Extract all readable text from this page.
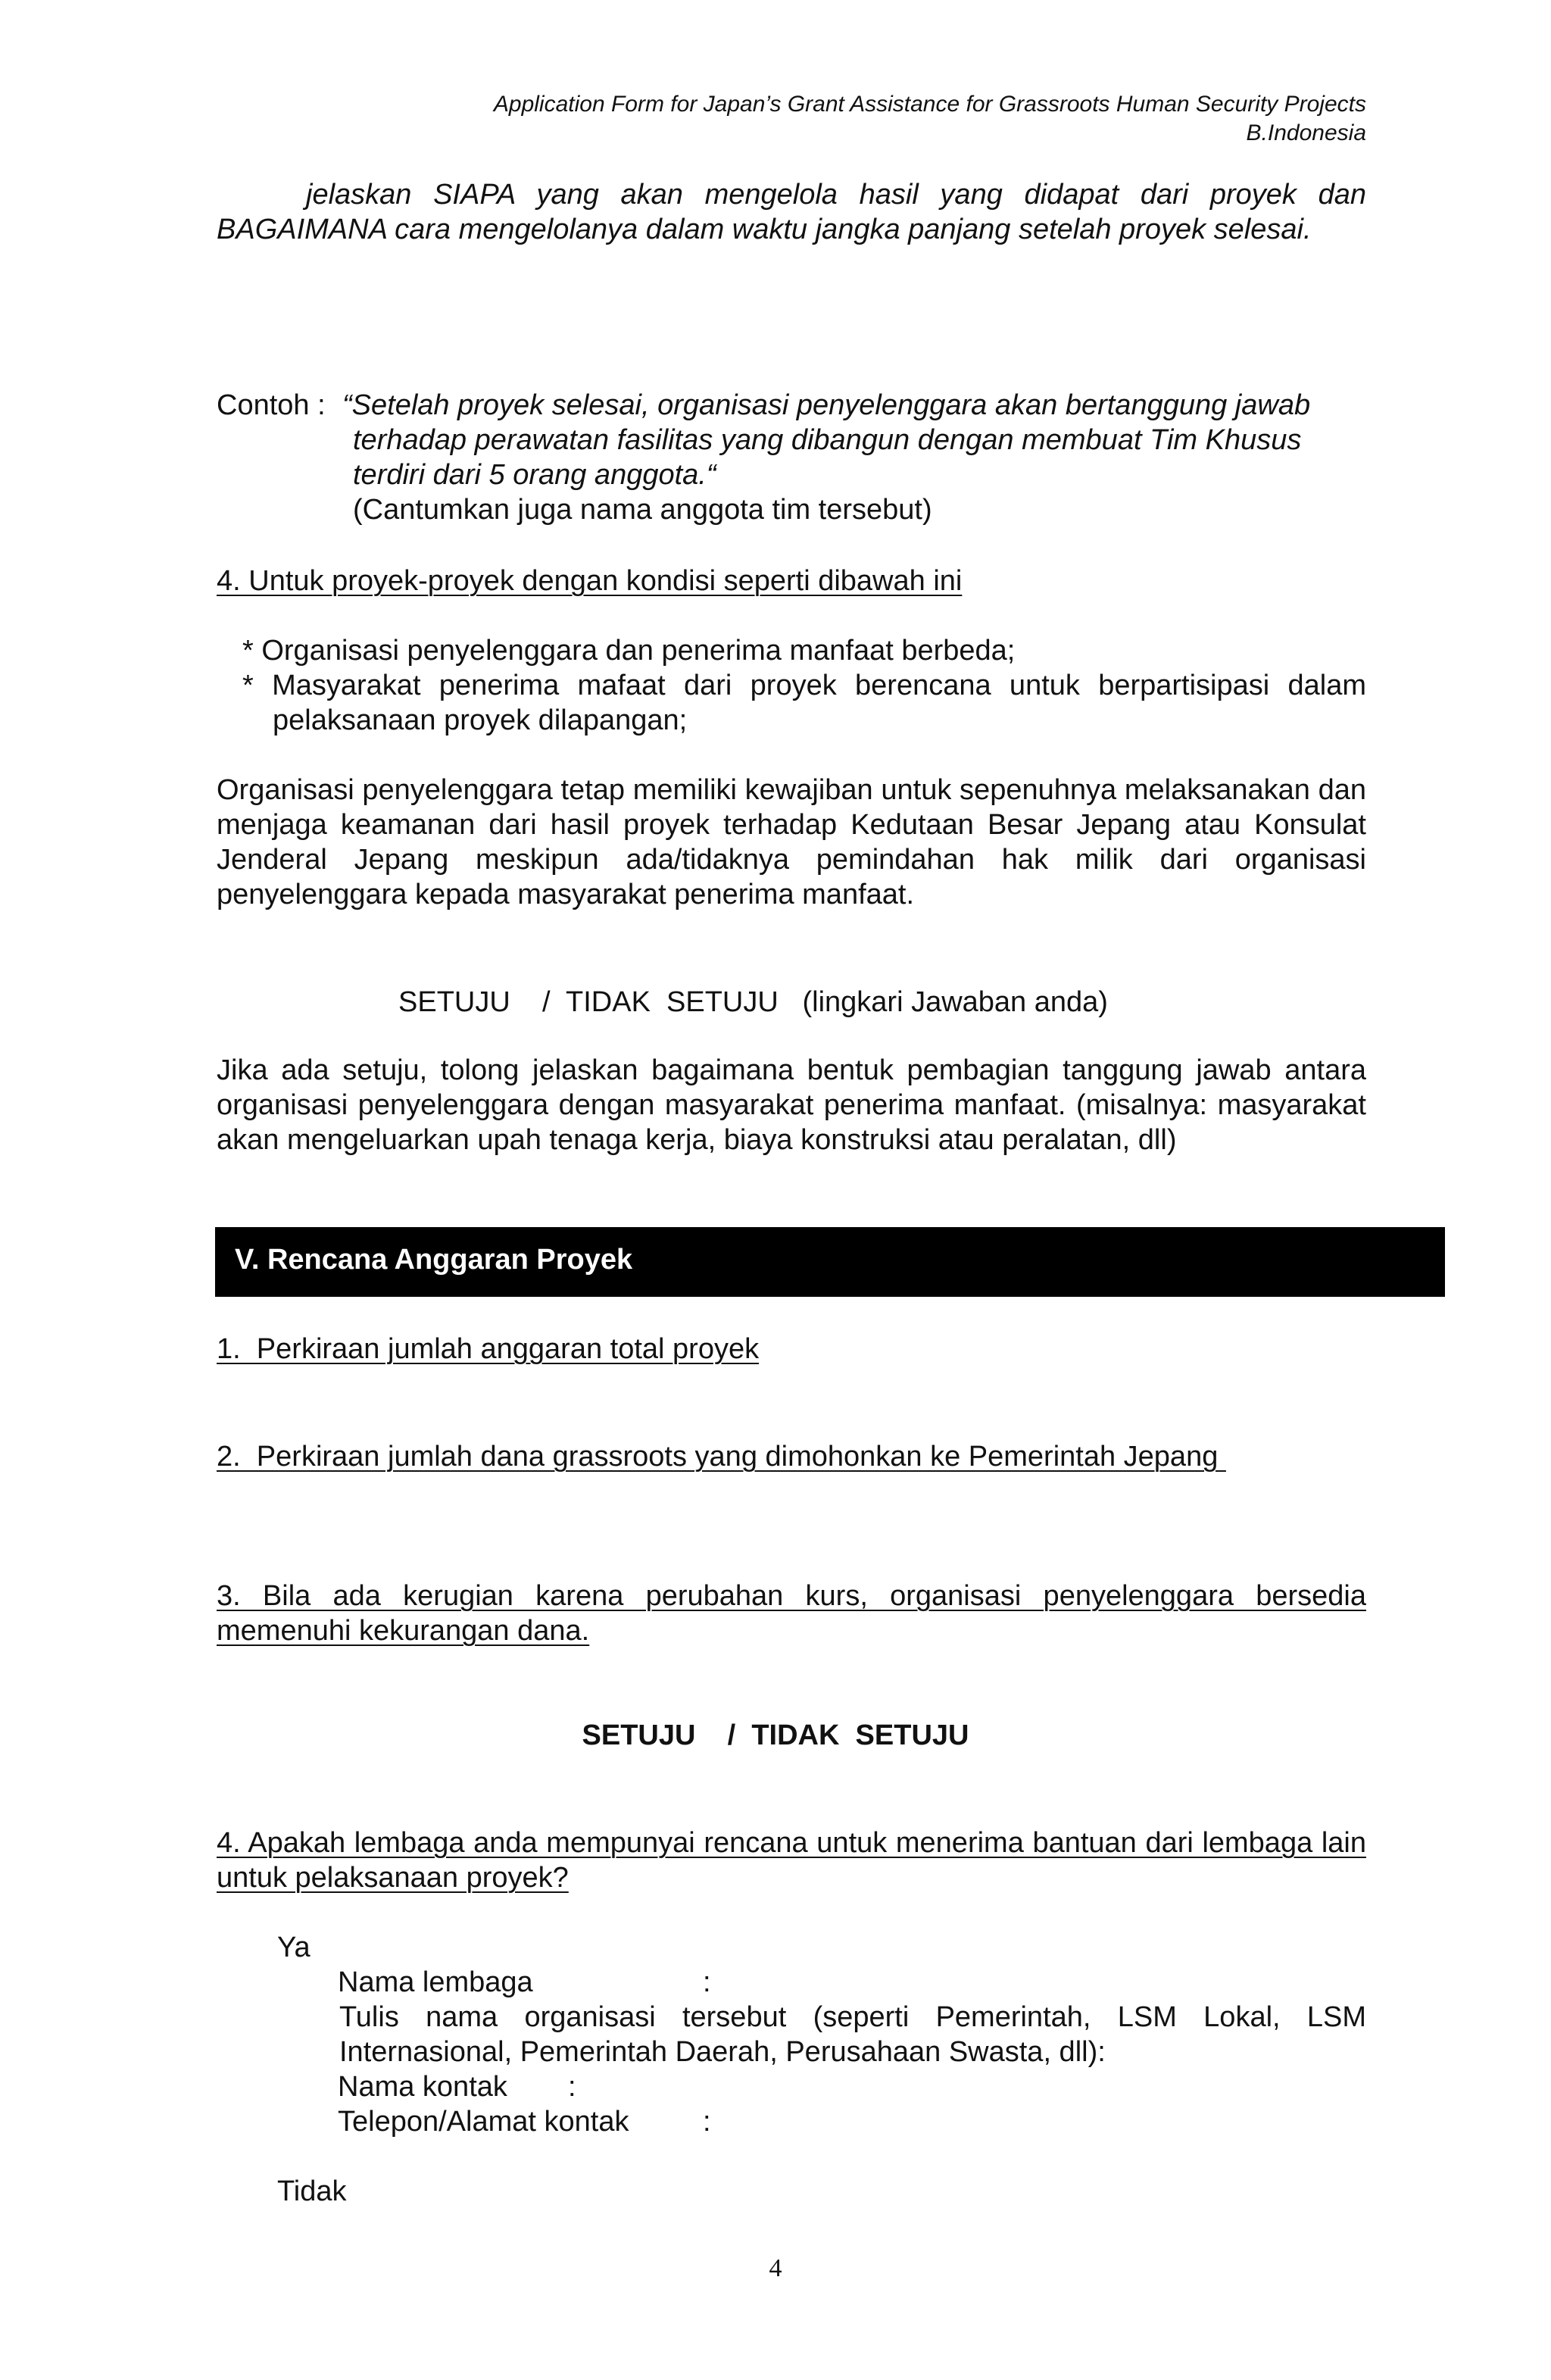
Application Form for Japan’s Grant Assistance for Grassroots Human Security Projects
B.Indonesia
jelaskan SIAPA yang akan mengelola hasil yang didapat dari proyek dan BAGAIMANA cara mengelolanya dalam waktu jangka panjang setelah proyek selesai.
Contoh : “Setelah proyek selesai, organisasi penyelenggara akan bertanggung jawab
terhadap perawatan fasilitas yang dibangun dengan membuat Tim Khusus
terdiri dari 5 orang anggota.“
(Cantumkan juga nama anggota tim tersebut)
4. Untuk proyek-proyek dengan kondisi seperti dibawah ini
* Organisasi penyelenggara dan penerima manfaat berbeda;
* Masyarakat penerima mafaat dari proyek berencana untuk berpartisipasi dalam
pelaksanaan proyek dilapangan;
Organisasi penyelenggara tetap memiliki kewajiban untuk sepenuhnya melaksanakan dan menjaga keamanan dari hasil proyek terhadap Kedutaan Besar Jepang atau Konsulat Jenderal Jepang meskipun ada/tidaknya pemindahan hak milik dari organisasi penyelenggara kepada masyarakat penerima manfaat.
SETUJU    /  TIDAK  SETUJU   (lingkari Jawaban anda)
Jika ada setuju, tolong jelaskan bagaimana bentuk pembagian tanggung jawab antara organisasi penyelenggara dengan masyarakat penerima manfaat. (misalnya: masyarakat akan mengeluarkan upah tenaga kerja, biaya konstruksi atau peralatan, dll)
V. Rencana Anggaran Proyek
1.  Perkiraan jumlah anggaran total proyek
2.  Perkiraan jumlah dana grassroots yang dimohonkan ke Pemerintah Jepang
3. Bila ada kerugian karena perubahan kurs, organisasi penyelenggara bersedia memenuhi kekurangan dana.
SETUJU    /  TIDAK  SETUJU
4. Apakah lembaga anda mempunyai rencana untuk menerima bantuan dari lembaga lain untuk pelaksanaan proyek?
Ya
Nama lembaga	:
Tulis nama organisasi tersebut (seperti Pemerintah, LSM Lokal, LSM Internasional, Pemerintah Daerah, Perusahaan Swasta, dll):
Nama kontak :
Telepon/Alamat kontak	:
Tidak
4
